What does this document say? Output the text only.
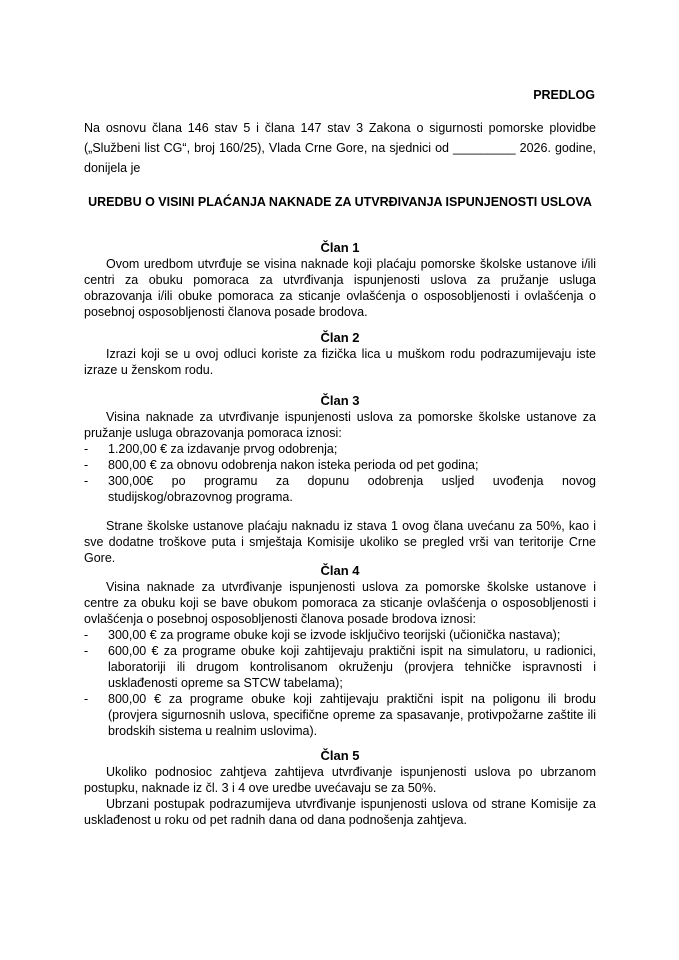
PREDLOG

Na osnovu člana 146 stav 5 i člana 147 stav 3 Zakona o sigurnosti pomorske plovidbe („Službeni list CG“, broj 160/25), Vlada Crne Gore, na sjednici od _________ 2026. godine, donijela je

UREDBU O VISINI PLAĆANJA NAKNADE ZA UTVRĐIVANJA ISPUNJENOSTI USLOVA

Član 1

Ovom uredbom utvrđuje se visina naknade koji plaćaju pomorske školske ustanove i/ili centri za obuku pomoraca za utvrđivanja ispunjenosti uslova za pružanje usluga obrazovanja i/ili obuke pomoraca za sticanje ovlašćenja o osposobljenosti i ovlašćenja o posebnoj osposobljenosti članova posade brodova.

Član 2

Izrazi koji se u ovoj odluci koriste za fizička lica u muškom rodu podrazumijevaju iste izraze u ženskom rodu.

Član 3

Visina naknade za utvrđivanje ispunjenosti uslova za pomorske školske ustanove za pružanje usluga obrazovanja pomoraca iznosi:

-	1.200,00 € za izdavanje prvog odobrenja;
-	800,00 € za obnovu odobrenja nakon isteka perioda od pet godina;
-	300,00€ po programu za dopunu odobrenja usljed uvođenja novog studijskog/obrazovnog programa.

Strane školske ustanove plaćaju naknadu iz stava 1 ovog člana uvećanu za 50%, kao i sve dodatne troškove puta i smještaja Komisije ukoliko se pregled vrši van teritorije Crne Gore.

Član 4

Visina naknade za utvrđivanje ispunjenosti uslova za pomorske školske ustanove i centre za obuku koji se bave obukom pomoraca za sticanje ovlašćenja o osposobljenosti i ovlašćenja o posebnoj osposobljenosti članova posade brodova iznosi:

-	300,00 € za programe obuke koji se izvode isključivo teorijski (učionička nastava);
-	600,00 € za programe obuke koji zahtijevaju praktični ispit na simulatoru, u radionici, laboratoriji ili drugom kontrolisanom okruženju (provjera tehničke ispravnosti i usklađenosti opreme sa STCW tabelama);
-	800,00 € za programe obuke koji zahtijevaju praktični ispit na poligonu ili brodu (provjera sigurnosnih uslova, specifične opreme za spasavanje, protivpožarne zaštite ili brodskih sistema u realnim uslovima).

Član 5

Ukoliko podnosioc zahtjeva zahtijeva utvrđivanje ispunjenosti uslova po ubrzanom postupku, naknade iz čl. 3 i 4 ove uredbe uvećavaju se za 50%.

Ubrzani postupak podrazumijeva utvrđivanje ispunjenosti uslova od strane Komisije za usklađenost u roku od pet radnih dana od dana podnošenja zahtjeva.
